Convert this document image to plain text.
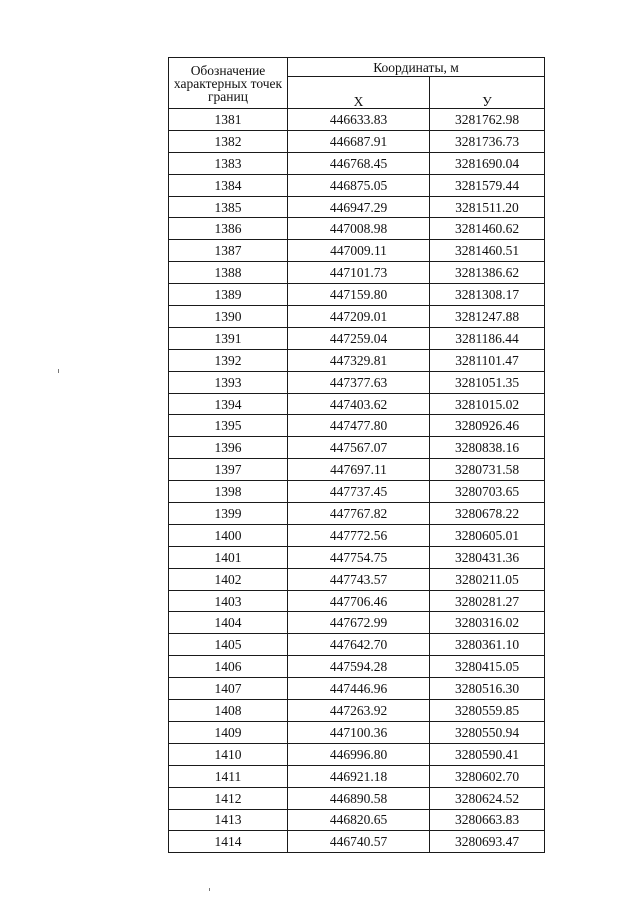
Обозначение характерных точек границ	Координаты, м	
	X	У
1381	446633.83	3281762.98
1382	446687.91	3281736.73
1383	446768.45	3281690.04
1384	446875.05	3281579.44
1385	446947.29	3281511.20
1386	447008.98	3281460.62
1387	447009.11	3281460.51
1388	447101.73	3281386.62
1389	447159.80	3281308.17
1390	447209.01	3281247.88
1391	447259.04	3281186.44
1392	447329.81	3281101.47
1393	447377.63	3281051.35
1394	447403.62	3281015.02
1395	447477.80	3280926.46
1396	447567.07	3280838.16
1397	447697.11	3280731.58
1398	447737.45	3280703.65
1399	447767.82	3280678.22
1400	447772.56	3280605.01
1401	447754.75	3280431.36
1402	447743.57	3280211.05
1403	447706.46	3280281.27
1404	447672.99	3280316.02
1405	447642.70	3280361.10
1406	447594.28	3280415.05
1407	447446.96	3280516.30
1408	447263.92	3280559.85
1409	447100.36	3280550.94
1410	446996.80	3280590.41
1411	446921.18	3280602.70
1412	446890.58	3280624.52
1413	446820.65	3280663.83
1414	446740.57	3280693.47
